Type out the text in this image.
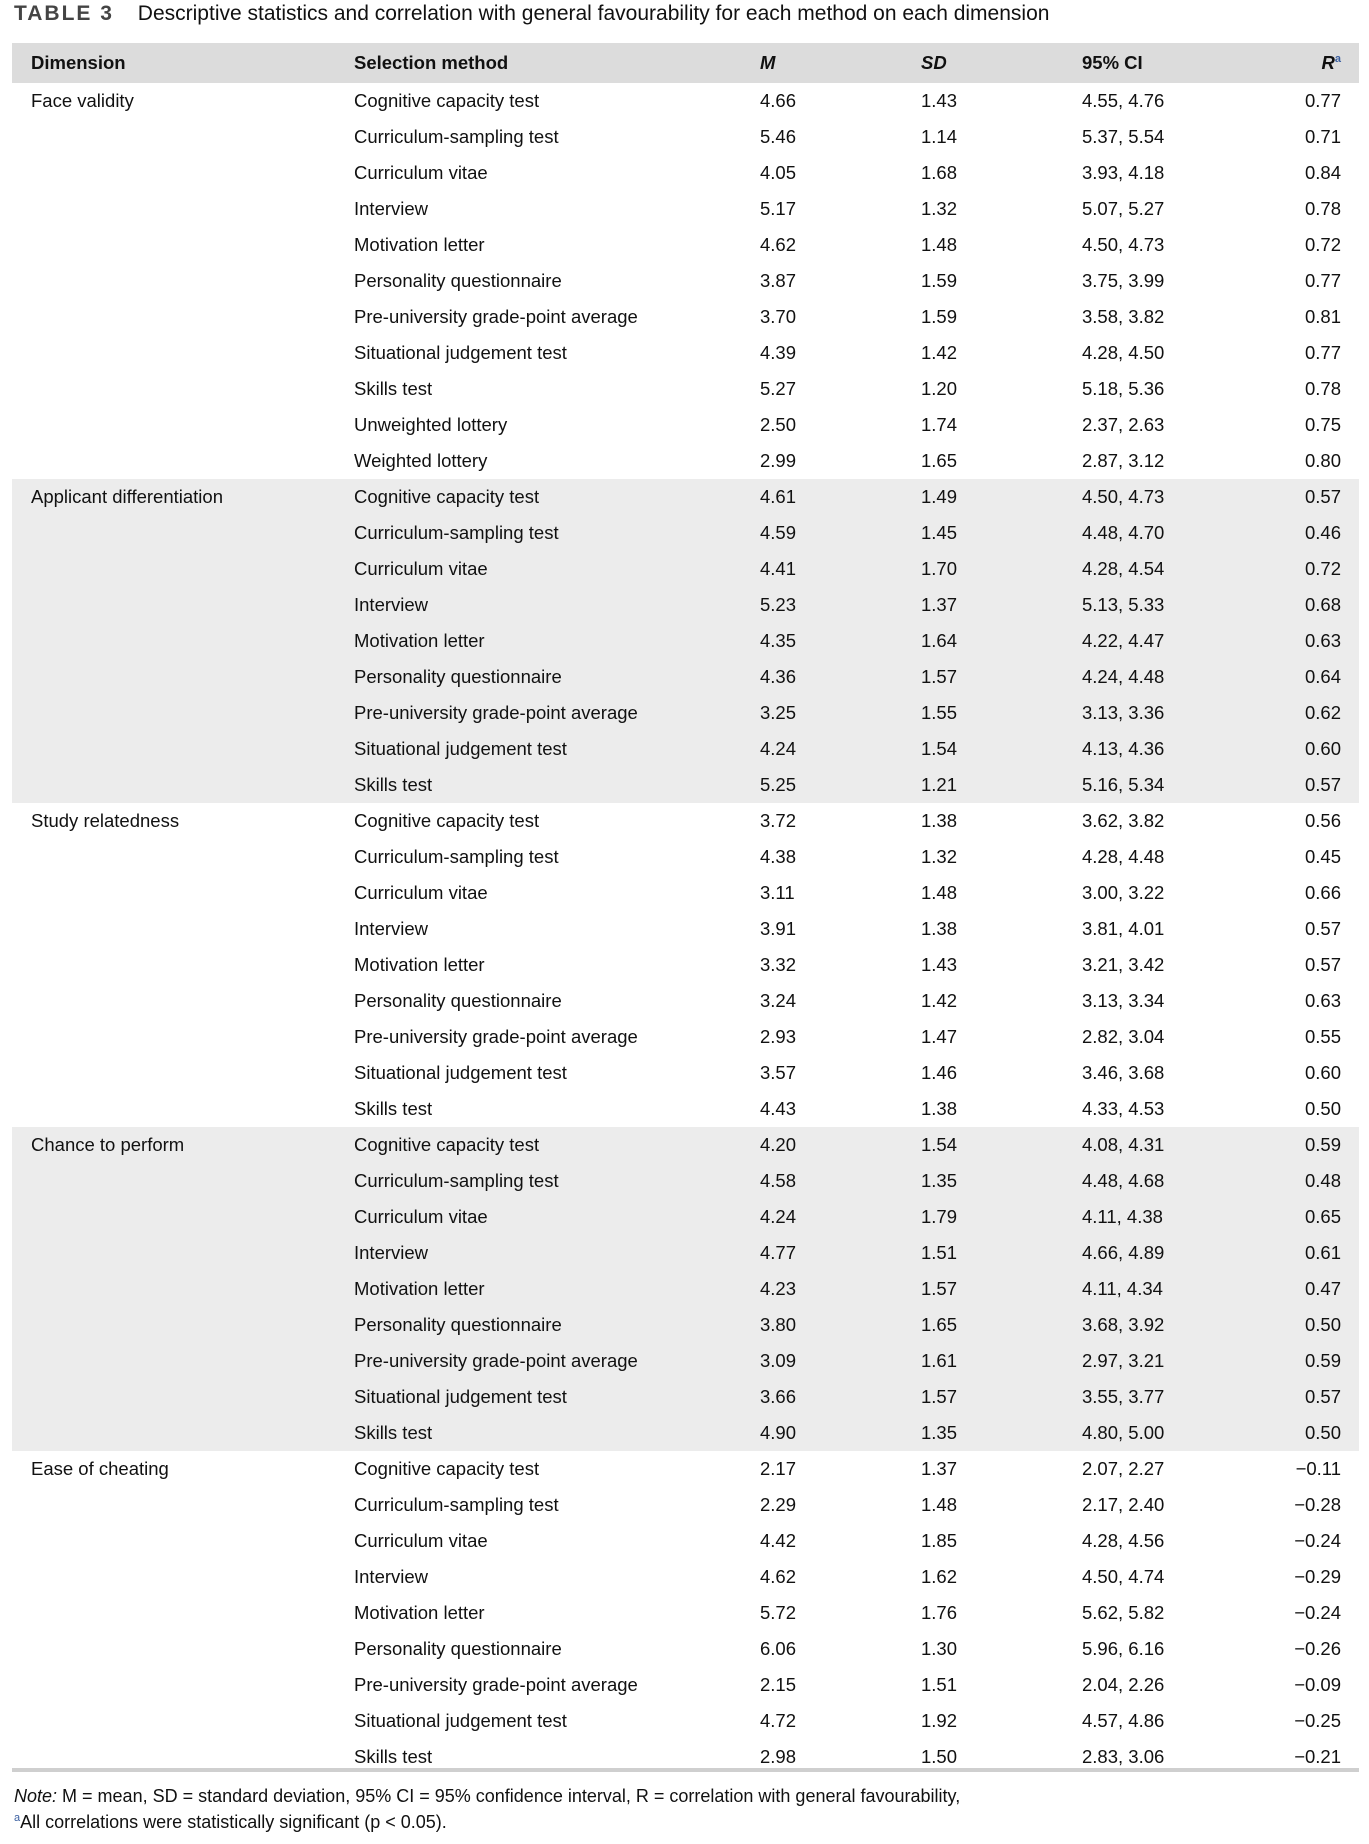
TABLE 3 Descriptive statistics and correlation with general favourability for each method on each dimension
Dimension	Selection method	M	SD	95% CI	$R^a$
Face validity	Cognitive capacity test	4.66	1.43	4.55, 4.76	0.77
	Curriculum-sampling test	5.46	1.14	5.37, 5.54	0.71
	Curriculum vitae	4.05	1.68	3.93, 4.18	0.84
	Interview	5.17	1.32	5.07, 5.27	0.78
	Motivation letter	4.62	1.48	4.50, 4.73	0.72
	Personality questionnaire	3.87	1.59	3.75, 3.99	0.77
	Pre-university grade-point average	3.70	1.59	3.58, 3.82	0.81
	Situational judgement test	4.39	1.42	4.28, 4.50	0.77
	Skills test	5.27	1.20	5.18, 5.36	0.78
	Unweighted lottery	2.50	1.74	2.37, 2.63	0.75
	Weighted lottery	2.99	1.65	2.87, 3.12	0.80
Applicant differentiation	Cognitive capacity test	4.61	1.49	4.50, 4.73	0.57
	Curriculum-sampling test	4.59	1.45	4.48, 4.70	0.46
	Curriculum vitae	4.41	1.70	4.28, 4.54	0.72
	Interview	5.23	1.37	5.13, 5.33	0.68
	Motivation letter	4.35	1.64	4.22, 4.47	0.63
	Personality questionnaire	4.36	1.57	4.24, 4.48	0.64
	Pre-university grade-point average	3.25	1.55	3.13, 3.36	0.62
	Situational judgement test	4.24	1.54	4.13, 4.36	0.60
	Skills test	5.25	1.21	5.16, 5.34	0.57
Study relatedness	Cognitive capacity test	3.72	1.38	3.62, 3.82	0.56
	Curriculum-sampling test	4.38	1.32	4.28, 4.48	0.45
	Curriculum vitae	3.11	1.48	3.00, 3.22	0.66
	Interview	3.91	1.38	3.81, 4.01	0.57
	Motivation letter	3.32	1.43	3.21, 3.42	0.57
	Personality questionnaire	3.24	1.42	3.13, 3.34	0.63
	Pre-university grade-point average	2.93	1.47	2.82, 3.04	0.55
	Situational judgement test	3.57	1.46	3.46, 3.68	0.60
	Skills test	4.43	1.38	4.33, 4.53	0.50
Chance to perform	Cognitive capacity test	4.20	1.54	4.08, 4.31	0.59
	Curriculum-sampling test	4.58	1.35	4.48, 4.68	0.48
	Curriculum vitae	4.24	1.79	4.11, 4.38	0.65
	Interview	4.77	1.51	4.66, 4.89	0.61
	Motivation letter	4.23	1.57	4.11, 4.34	0.47
	Personality questionnaire	3.80	1.65	3.68, 3.92	0.50
	Pre-university grade-point average	3.09	1.61	2.97, 3.21	0.59
	Situational judgement test	3.66	1.57	3.55, 3.77	0.57
	Skills test	4.90	1.35	4.80, 5.00	0.50
Ease of cheating	Cognitive capacity test	2.17	1.37	2.07, 2.27	−0.11
	Curriculum-sampling test	2.29	1.48	2.17, 2.40	−0.28
	Curriculum vitae	4.42	1.85	4.28, 4.56	−0.24
	Interview	4.62	1.62	4.50, 4.74	−0.29
	Motivation letter	5.72	1.76	5.62, 5.82	−0.24
	Personality questionnaire	6.06	1.30	5.96, 6.16	−0.26
	Pre-university grade-point average	2.15	1.51	2.04, 2.26	−0.09
	Situational judgement test	4.72	1.92	4.57, 4.86	−0.25
	Skills test	2.98	1.50	2.83, 3.06	−0.21
Note: M = mean, SD = standard deviation, 95% CI = 95% confidence interval, R = correlation with general favourability,
$^a$All correlations were statistically significant (p < 0.05).
